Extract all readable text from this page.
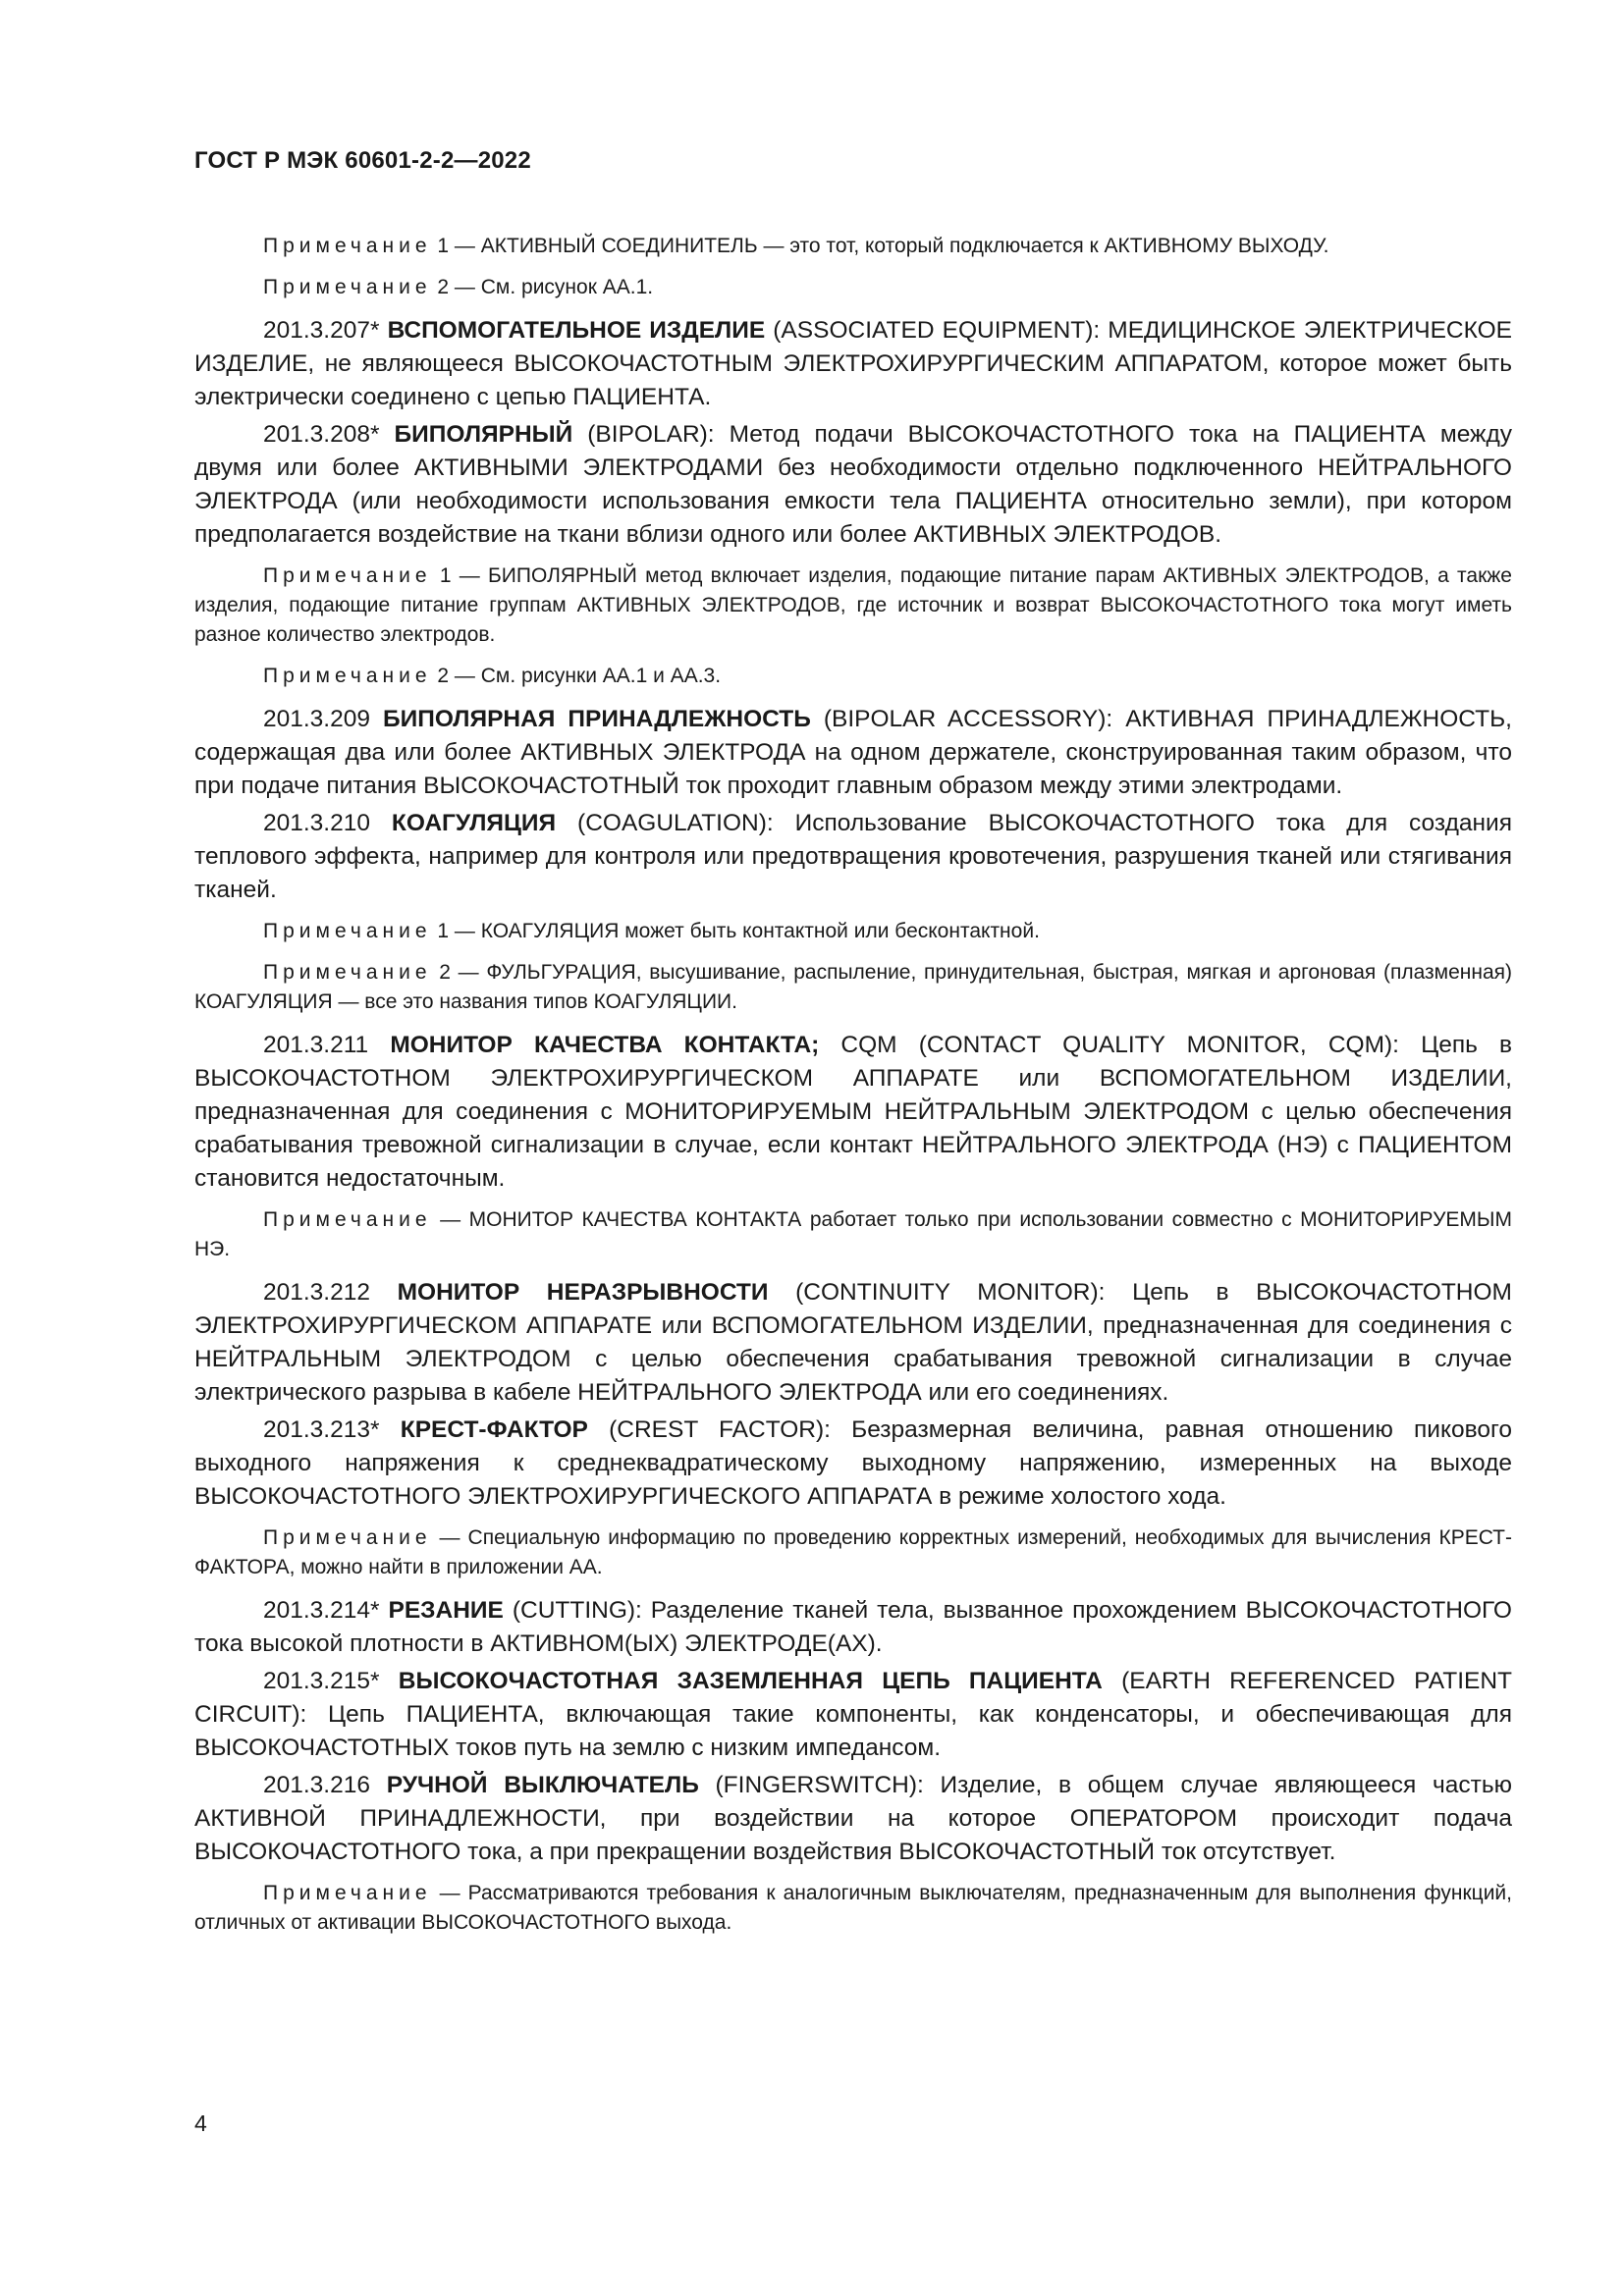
ГОСТ Р МЭК 60601-2-2—2022

Примечание 1 — АКТИВНЫЙ СОЕДИНИТЕЛЬ — это тот, который подключается к АКТИВНОМУ ВЫХОДУ.

Примечание 2 — См. рисунок АА.1.

201.3.207* ВСПОМОГАТЕЛЬНОЕ ИЗДЕЛИЕ (ASSOCIATED EQUIPMENT): МЕДИЦИНСКОЕ ЭЛЕКТРИЧЕСКОЕ ИЗДЕЛИЕ, не являющееся ВЫСОКОЧАСТОТНЫМ ЭЛЕКТРОХИРУРГИЧЕСКИМ АППАРАТОМ, которое может быть электрически соединено с цепью ПАЦИЕНТА.

201.3.208* БИПОЛЯРНЫЙ (BIPOLAR): Метод подачи ВЫСОКОЧАСТОТНОГО тока на ПАЦИЕНТА между двумя или более АКТИВНЫМИ ЭЛЕКТРОДАМИ без необходимости отдельно подключенного НЕЙТРАЛЬНОГО ЭЛЕКТРОДА (или необходимости использования емкости тела ПАЦИЕНТА относительно земли), при котором предполагается воздействие на ткани вблизи одного или более АКТИВНЫХ ЭЛЕКТРОДОВ.

Примечание 1 — БИПОЛЯРНЫЙ метод включает изделия, подающие питание парам АКТИВНЫХ ЭЛЕКТРОДОВ, а также изделия, подающие питание группам АКТИВНЫХ ЭЛЕКТРОДОВ, где источник и возврат ВЫСОКОЧАСТОТНОГО тока могут иметь разное количество электродов.

Примечание 2 — См. рисунки АА.1 и АА.3.

201.3.209 БИПОЛЯРНАЯ ПРИНАДЛЕЖНОСТЬ (BIPOLAR ACCESSORY): АКТИВНАЯ ПРИНАДЛЕЖНОСТЬ, содержащая два или более АКТИВНЫХ ЭЛЕКТРОДА на одном держателе, сконструированная таким образом, что при подаче питания ВЫСОКОЧАСТОТНЫЙ ток проходит главным образом между этими электродами.

201.3.210 КОАГУЛЯЦИЯ (COAGULATION): Использование ВЫСОКОЧАСТОТНОГО тока для создания теплового эффекта, например для контроля или предотвращения кровотечения, разрушения тканей или стягивания тканей.

Примечание 1 — КОАГУЛЯЦИЯ может быть контактной или бесконтактной.

Примечание 2 — ФУЛЬГУРАЦИЯ, высушивание, распыление, принудительная, быстрая, мягкая и аргоновая (плазменная) КОАГУЛЯЦИЯ — все это названия типов КОАГУЛЯЦИИ.

201.3.211 МОНИТОР КАЧЕСТВА КОНТАКТА; CQM (CONTACT QUALITY MONITOR, CQM): Цепь в ВЫСОКОЧАСТОТНОМ ЭЛЕКТРОХИРУРГИЧЕСКОМ АППАРАТЕ или ВСПОМОГАТЕЛЬНОМ ИЗДЕЛИИ, предназначенная для соединения с МОНИТОРИРУЕМЫМ НЕЙТРАЛЬНЫМ ЭЛЕКТРОДОМ с целью обеспечения срабатывания тревожной сигнализации в случае, если контакт НЕЙТРАЛЬНОГО ЭЛЕКТРОДА (НЭ) с ПАЦИЕНТОМ становится недостаточным.

Примечание — МОНИТОР КАЧЕСТВА КОНТАКТА работает только при использовании совместно с МОНИТОРИРУЕМЫМ НЭ.

201.3.212 МОНИТОР НЕРАЗРЫВНОСТИ (CONTINUITY MONITOR): Цепь в ВЫСОКОЧАСТОТНОМ ЭЛЕКТРОХИРУРГИЧЕСКОМ АППАРАТЕ или ВСПОМОГАТЕЛЬНОМ ИЗДЕЛИИ, предназначенная для соединения с НЕЙТРАЛЬНЫМ ЭЛЕКТРОДОМ с целью обеспечения срабатывания тревожной сигнализации в случае электрического разрыва в кабеле НЕЙТРАЛЬНОГО ЭЛЕКТРОДА или его соединениях.

201.3.213* КРЕСТ-ФАКТОР (CREST FACTOR): Безразмерная величина, равная отношению пикового выходного напряжения к среднеквадратическому выходному напряжению, измеренных на выходе ВЫСОКОЧАСТОТНОГО ЭЛЕКТРОХИРУРГИЧЕСКОГО АППАРАТА в режиме холостого хода.

Примечание — Специальную информацию по проведению корректных измерений, необходимых для вычисления КРЕСТ-ФАКТОРА, можно найти в приложении АА.

201.3.214* РЕЗАНИЕ (CUTTING): Разделение тканей тела, вызванное прохождением ВЫСОКОЧАСТОТНОГО тока высокой плотности в АКТИВНОМ(ЫХ) ЭЛЕКТРОДЕ(АХ).

201.3.215* ВЫСОКОЧАСТОТНАЯ ЗАЗЕМЛЕННАЯ ЦЕПЬ ПАЦИЕНТА (EARTH REFERENCED PATIENT CIRCUIT): Цепь ПАЦИЕНТА, включающая такие компоненты, как конденсаторы, и обеспечивающая для ВЫСОКОЧАСТОТНЫХ токов путь на землю с низким импедансом.

201.3.216 РУЧНОЙ ВЫКЛЮЧАТЕЛЬ (FINGERSWITCH): Изделие, в общем случае являющееся частью АКТИВНОЙ ПРИНАДЛЕЖНОСТИ, при воздействии на которое ОПЕРАТОРОМ происходит подача ВЫСОКОЧАСТОТНОГО тока, а при прекращении воздействия ВЫСОКОЧАСТОТНЫЙ ток отсутствует.

Примечание — Рассматриваются требования к аналогичным выключателям, предназначенным для выполнения функций, отличных от активации ВЫСОКОЧАСТОТНОГО выхода.

4
